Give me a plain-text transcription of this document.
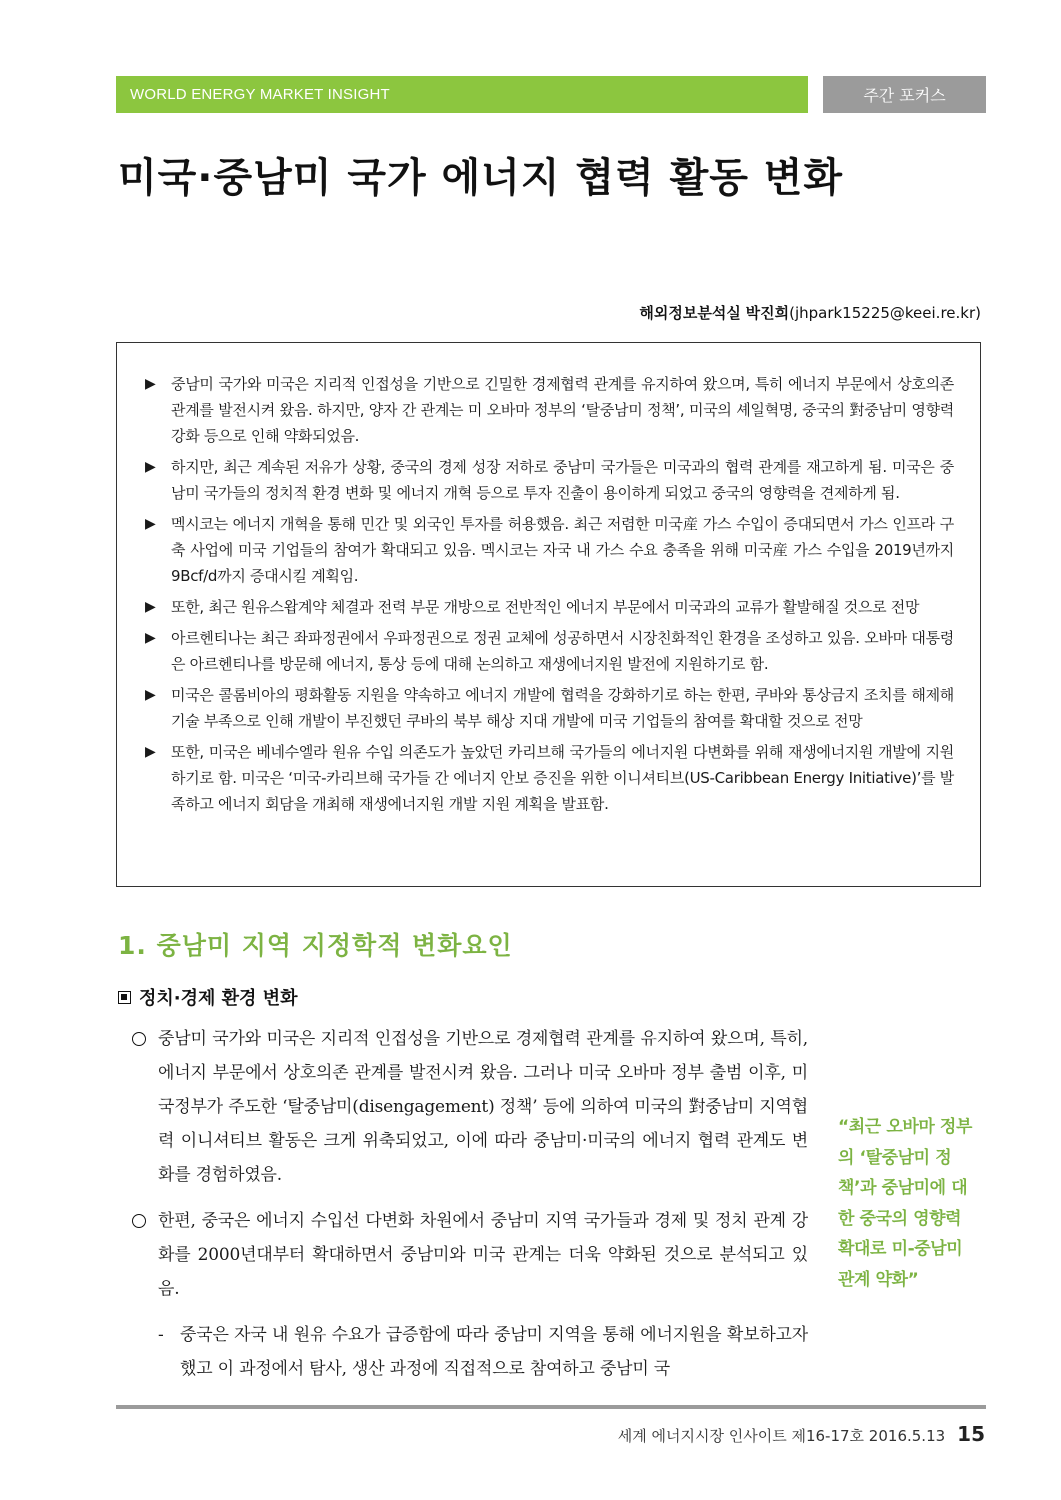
WORLD ENERGY MARKET INSIGHT	주간 포커스
미국·중남미 국가 에너지 협력 활동 변화
해외정보분석실 박진희(jhpark15225@keei.re.kr)
▶	중남미 국가와 미국은 지리적 인접성을 기반으로 긴밀한 경제협력 관계를 유지하여 왔으며, 특히 에너지 부문에서 상호의존 관계를 발전시켜 왔음. 하지만, 양자 간 관계는 미 오바마 정부의 ‘탈중남미 정책’, 미국의 셰일혁명, 중국의 對중남미 영향력 강화 등으로 인해 약화되었음.
▶	하지만, 최근 계속된 저유가 상황, 중국의 경제 성장 저하로 중남미 국가들은 미국과의 협력 관계를 재고하게 됨. 미국은 중남미 국가들의 정치적 환경 변화 및 에너지 개혁 등으로 투자 진출이 용이하게 되었고 중국의 영향력을 견제하게 됨.
▶	멕시코는 에너지 개혁을 통해 민간 및 외국인 투자를 허용했음. 최근 저렴한 미국産 가스 수입이 증대되면서 가스 인프라 구축 사업에 미국 기업들의 참여가 확대되고 있음. 멕시코는 자국 내 가스 수요 충족을 위해 미국産 가스 수입을 2019년까지 9Bcf/d까지 증대시킬 계획임.
▶	또한, 최근 원유스왑계약 체결과 전력 부문 개방으로 전반적인 에너지 부문에서 미국과의 교류가 활발해질 것으로 전망
▶	아르헨티나는 최근 좌파정권에서 우파정권으로 정권 교체에 성공하면서 시장친화적인 환경을 조성하고 있음. 오바마 대통령은 아르헨티나를 방문해 에너지, 통상 등에 대해 논의하고 재생에너지원 발전에 지원하기로 함.
▶	미국은 콜롬비아의 평화활동 지원을 약속하고 에너지 개발에 협력을 강화하기로 하는 한편, 쿠바와 통상금지 조치를 해제해 기술 부족으로 인해 개발이 부진했던 쿠바의 북부 해상 지대 개발에 미국 기업들의 참여를 확대할 것으로 전망
▶	또한, 미국은 베네수엘라 원유 수입 의존도가 높았던 카리브해 국가들의 에너지원 다변화를 위해 재생에너지원 개발에 지원하기로 함. 미국은 ‘미국-카리브해 국가들 간 에너지 안보 증진을 위한 이니셔티브(US-Caribbean Energy Initiative)’를 발족하고 에너지 회담을 개최해 재생에너지원 개발 지원 계획을 발표함.
1. 중남미 지역 지정학적 변화요인
정치·경제 환경 변화
중남미 국가와 미국은 지리적 인접성을 기반으로 경제협력 관계를 유지하여 왔으며, 특히, 에너지 부문에서 상호의존 관계를 발전시켜 왔음. 그러나 미국 오바마 정부 출범 이후, 미국정부가 주도한 ‘탈중남미(disengagement) 정책’ 등에 의하여 미국의 對중남미 지역협력 이니셔티브 활동은 크게 위축되었고, 이에 따라 중남미·미국의 에너지 협력 관계도 변화를 경험하였음.
한편, 중국은 에너지 수입선 다변화 차원에서 중남미 지역 국가들과 경제 및 정치 관계 강화를 2000년대부터 확대하면서 중남미와 미국 관계는 더욱 약화된 것으로 분석되고 있음.
- 중국은 자국 내 원유 수요가 급증함에 따라 중남미 지역을 통해 에너지원을 확보하고자 했고 이 과정에서 탐사, 생산 과정에 직접적으로 참여하고 중남미 국
“최근 오바마 정부의 ‘탈중남미 정책’과 중남미에 대한 중국의 영향력 확대로 미-중남미 관계 약화”
세계 에너지시장 인사이트 제16-17호 2016.5.13 15
